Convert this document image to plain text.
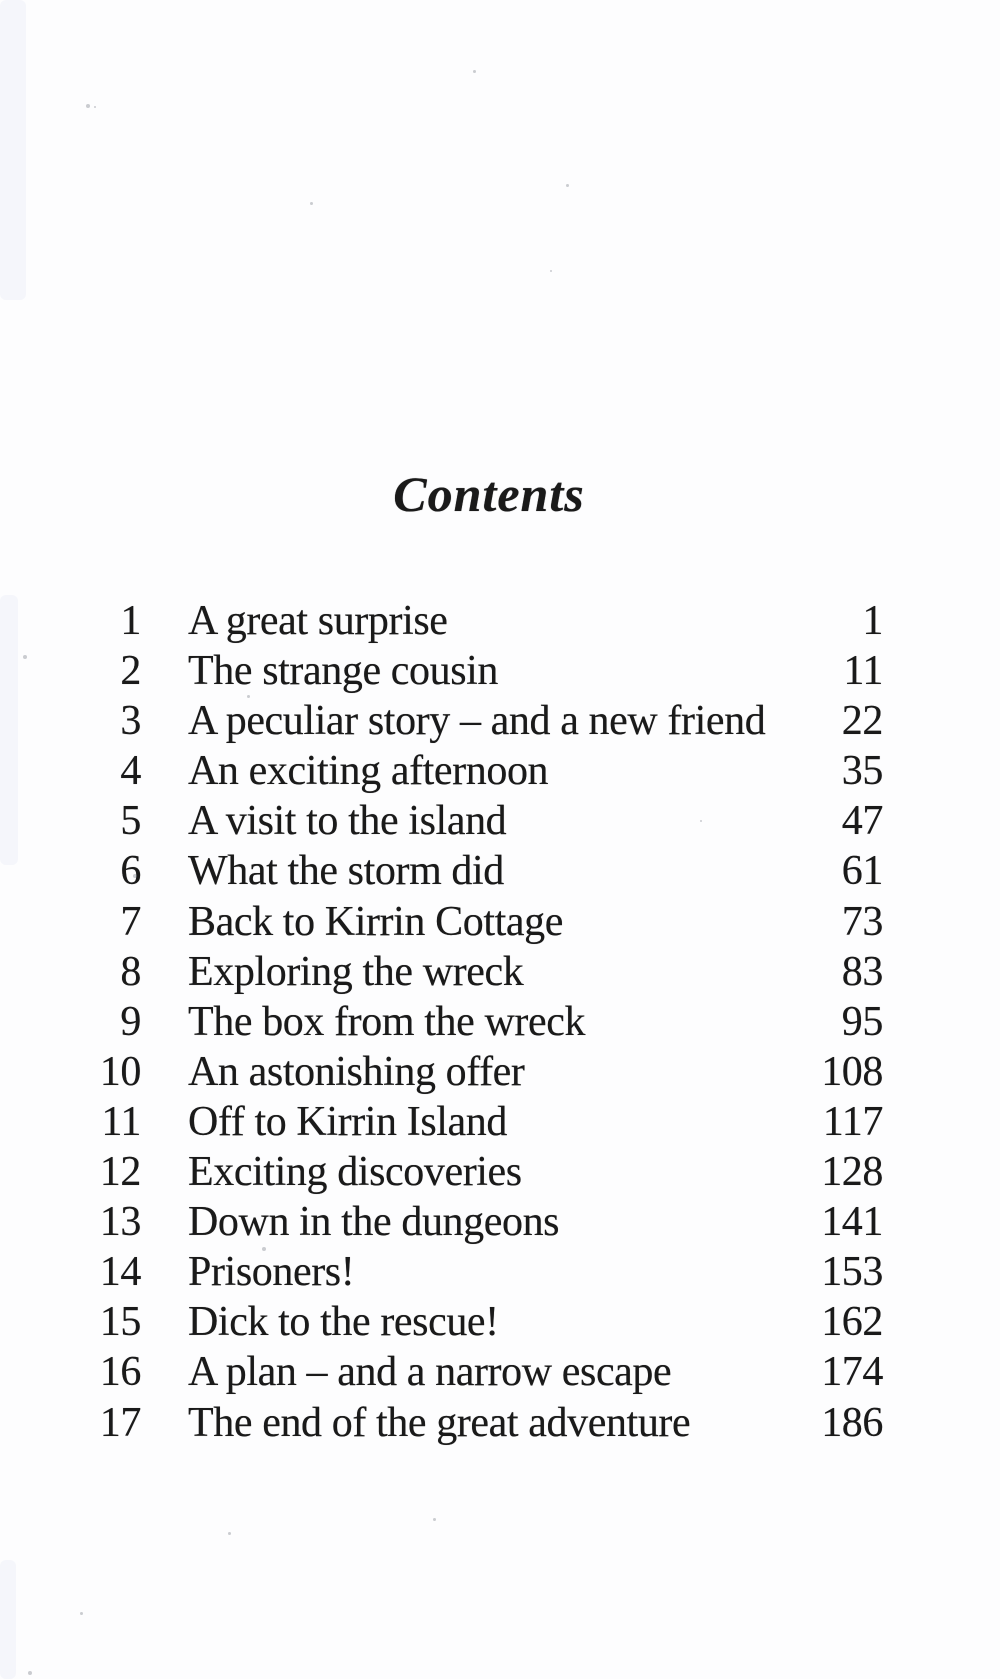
Contents
1 A great surprise	1
2 The strange cousin	11
3 A peculiar story – and a new friend 22
4 An exciting afternoon	35
5 A visit to the island	47
6 What the storm did	61
7 Back to Kirrin Cottage	73
8 Exploring the wreck	83
9 The box from the wreck	95
10 An astonishing offer	108
11 Off to Kirrin Island	117
12 Exciting discoveries	128
13 Down in the dungeons	141
14 Prisoners!	153
15 Dick to the rescue!	162
16 A plan – and a narrow escape	174
17 The end of the great adventure	186
